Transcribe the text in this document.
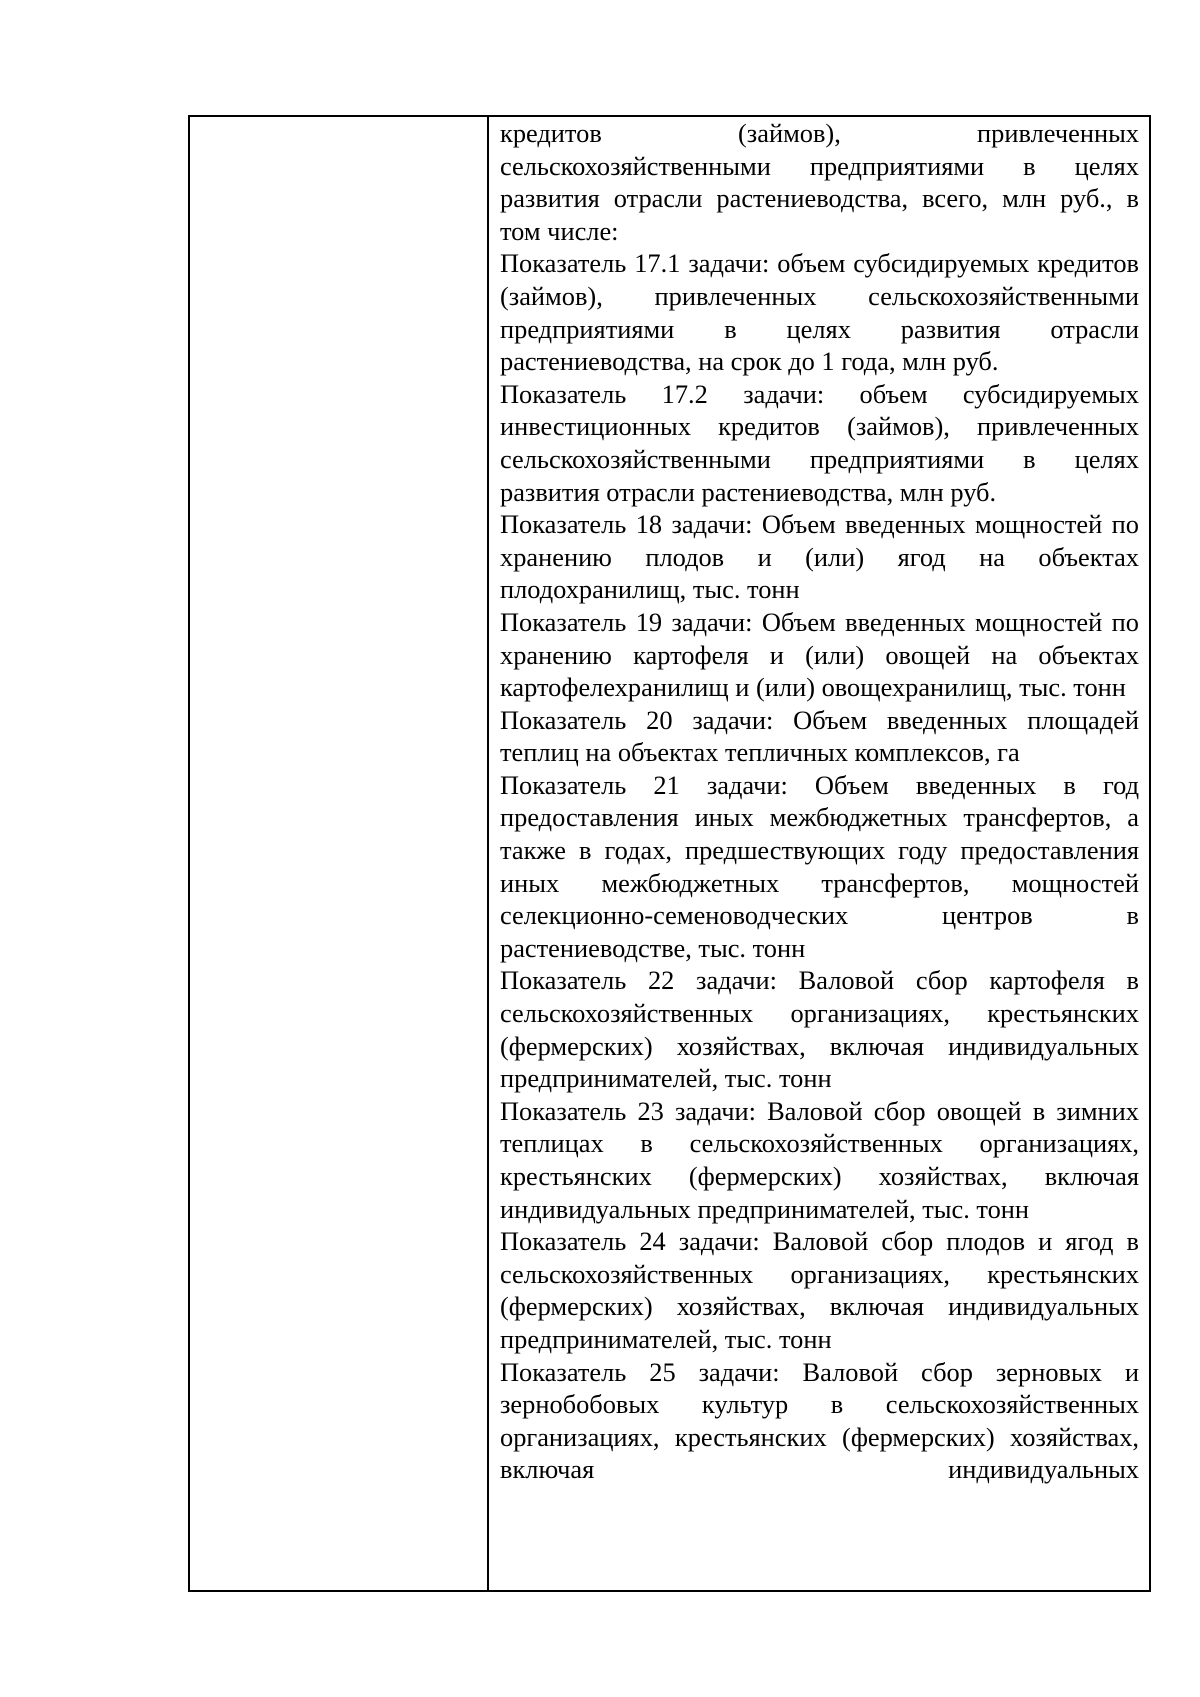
кредитов (займов), привлеченных сельскохозяйственными предприятиями в целях развития отрасли растениеводства, всего, млн руб., в том числе:

Показатель 17.1 задачи: объем субсидируемых кредитов (займов), привлеченных сельскохозяйственными предприятиями в целях развития отрасли растениеводства, на срок до 1 года, млн руб.

Показатель 17.2 задачи: объем субсидируемых инвестиционных кредитов (займов), привлеченных сельскохозяйственными предприятиями в целях развития отрасли растениеводства, млн руб.

Показатель 18 задачи: Объем введенных мощностей по хранению плодов и (или) ягод на объектах плодохранилищ, тыс. тонн

Показатель 19 задачи: Объем введенных мощностей по хранению картофеля и (или) овощей на объектах картофелехранилищ и (или) овощехранилищ, тыс. тонн

Показатель 20 задачи: Объем введенных площадей теплиц на объектах тепличных комплексов, га

Показатель 21 задачи: Объем введенных в год предоставления иных межбюджетных трансфертов, а также в годах, предшествующих году предоставления иных межбюджетных трансфертов, мощностей селекционно-семеноводческих центров в растениеводстве, тыс. тонн

Показатель 22 задачи: Валовой сбор картофеля в сельскохозяйственных организациях, крестьянских (фермерских) хозяйствах, включая индивидуальных предпринимателей, тыс. тонн

Показатель 23 задачи: Валовой сбор овощей в зимних теплицах в сельскохозяйственных организациях, крестьянских (фермерских) хозяйствах, включая индивидуальных предпринимателей, тыс. тонн

Показатель 24 задачи: Валовой сбор плодов и ягод в сельскохозяйственных организациях, крестьянских (фермерских) хозяйствах, включая индивидуальных предпринимателей, тыс. тонн

Показатель 25 задачи: Валовой сбор зерновых и зернобобовых культур в сельскохозяйственных организациях, крестьянских (фермерских) хозяйствах, включая индивидуальных
